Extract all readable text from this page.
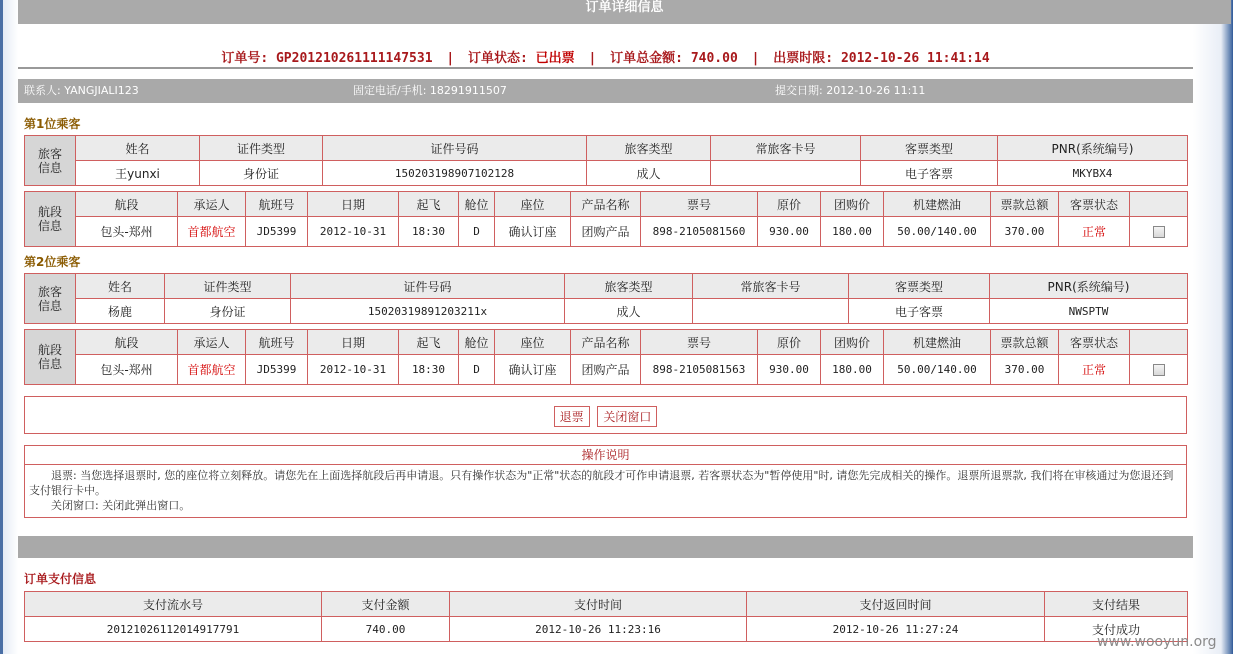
订单详细信息
订单号: GP201210261111147531 | 订单状态: 已出票 | 订单总金额: 740.00 | 出票时限: 2012-10-26 11:41:14
联系人: YANGJIALI123	固定电话/手机: 18291911507	提交日期: 2012-10-26 11:11
第1位乘客
旅客
信息	姓名	证件类型	证件号码	旅客类型	常旅客卡号	客票类型	PNR(系统编号)
	王yunxi	身份证	150203198907102128	成人		电子客票	MKYBX4
航段
信息	航段	承运人	航班号	日期	起飞	舱位	座位	产品名称	票号	原价	团购价	机建燃油	票款总额	客票状态	
	包头-郑州	首都航空	JD5399	2012-10-31	18:30	D	确认订座	团购产品	898-2105081560	930.00	180.00	50.00/140.00	370.00	正常	
第2位乘客
旅客
信息	姓名	证件类型	证件号码	旅客类型	常旅客卡号	客票类型	PNR(系统编号)
	杨鹿	身份证	15020319891203211x	成人		电子客票	NWSPTW
航段
信息	航段	承运人	航班号	日期	起飞	舱位	座位	产品名称	票号	原价	团购价	机建燃油	票款总额	客票状态	
	包头-郑州	首都航空	JD5399	2012-10-31	18:30	D	确认订座	团购产品	898-2105081563	930.00	180.00	50.00/140.00	370.00	正常	
退票 关闭窗口
操作说明

退票: 当您选择退票时, 您的座位将立刻释放。请您先在上面选择航段后再申请退。只有操作状态为"正常"状态的航段才可作申请退票, 若客票状态为"暂停使用"时, 请您先完成相关的操作。退票所退票款, 我们将在审核通过为您退还到支付银行卡中。

关闭窗口: 关闭此弹出窗口。

订单支付信息
支付流水号	支付金额	支付时间	支付返回时间	支付结果
20121026112014917791	740.00	2012-10-26 11:23:16	2012-10-26 11:27:24	支付成功
www.wooyun.org
